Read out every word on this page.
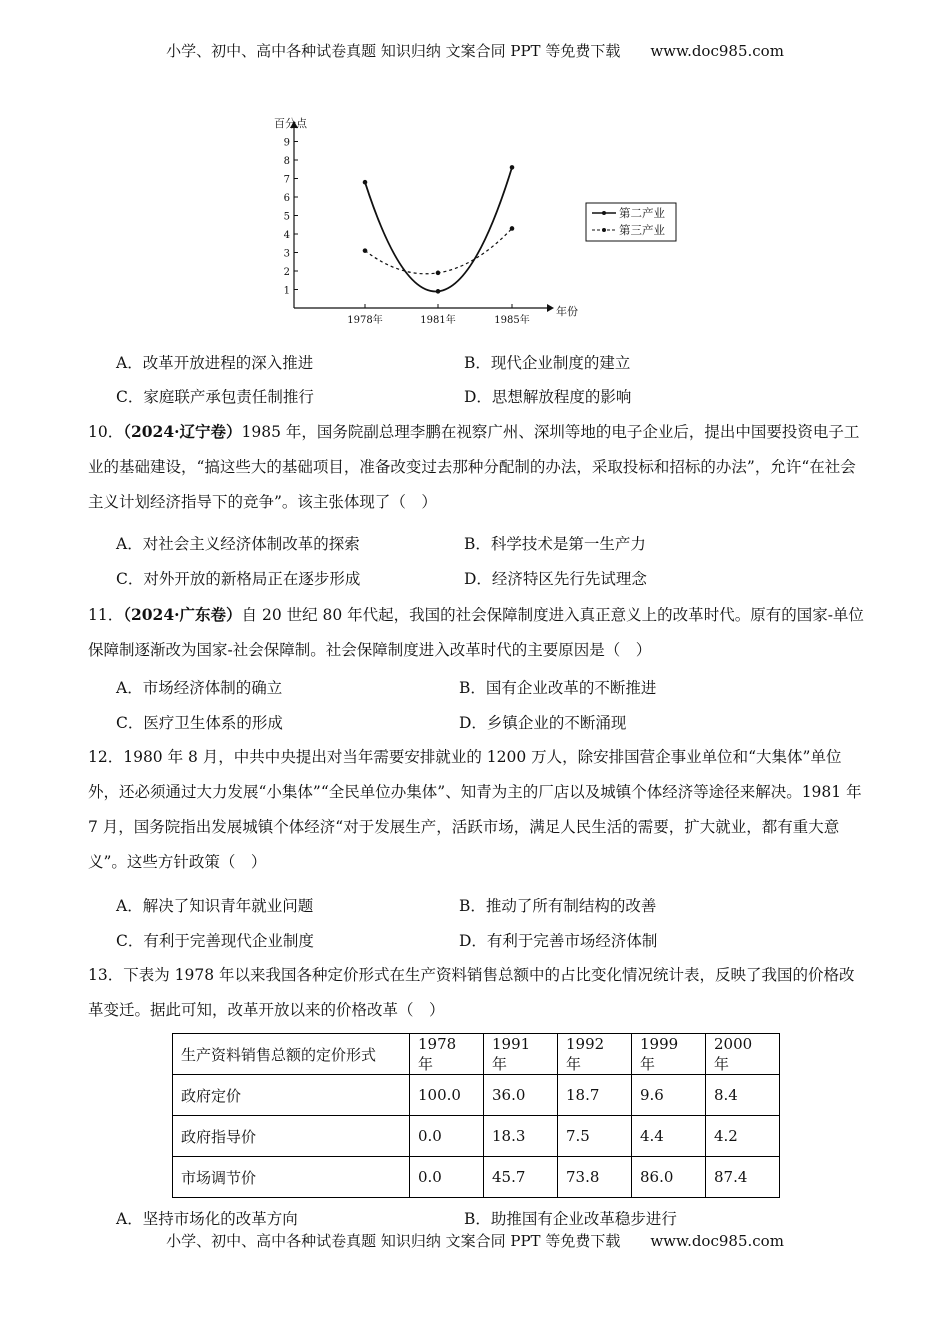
小学、初中、高中各种试卷真题 知识归纳 文案合同 PPT 等免费下载 www.doc985.com
百分点
年份
1
2
3
4
5
6
7
8
9
1978年	1981年	1985年
第二产业
第三产业
A．改革开放进程的深入推进	B．现代企业制度的建立
C．家庭联产承包责任制推行	D．思想解放程度的影响
10．（2024·辽宁卷）1985 年，国务院副总理李鹏在视察广州、深圳等地的电子企业后，提出中国要投资电子工业的基础建设，“搞这些大的基础项目，准备改变过去那种分配制的办法，采取投标和招标的办法”，允许“在社会主义计划经济指导下的竞争”。该主张体现了（　）
A．对社会主义经济体制改革的探索	B．科学技术是第一生产力
C．对外开放的新格局正在逐步形成	D．经济特区先行先试理念
11．（2024·广东卷）自 20 世纪 80 年代起，我国的社会保障制度进入真正意义上的改革时代。原有的国家-单位保障制逐渐改为国家-社会保障制。社会保障制度进入改革时代的主要原因是（　）
A．市场经济体制的确立	B．国有企业改革的不断推进
C．医疗卫生体系的形成	D．乡镇企业的不断涌现
12．1980 年 8 月，中共中央提出对当年需要安排就业的 1200 万人，除安排国营企事业单位和“大集体”单位外，还必须通过大力发展“小集体”“全民单位办集体”、知青为主的厂店以及城镇个体经济等途径来解决。1981 年 7 月，国务院指出发展城镇个体经济“对于发展生产，活跃市场，满足人民生活的需要，扩大就业，都有重大意义”。这些方针政策（　）
A．解决了知识青年就业问题	B．推动了所有制结构的改善
C．有利于完善现代企业制度	D．有利于完善市场经济体制
13．下表为 1978 年以来我国各种定价形式在生产资料销售总额中的占比变化情况统计表，反映了我国的价格改革变迁。据此可知，改革开放以来的价格改革（　）
生产资料销售总额的定价形式	1978 年	1991 年	1992 年	1999 年	2000 年
政府定价	100.0	36.0	18.7	9.6	8.4
政府指导价	0.0	18.3	7.5	4.4	4.2
市场调节价	0.0	45.7	73.8	86.0	87.4
A．坚持市场化的改革方向	B．助推国有企业改革稳步进行
小学、初中、高中各种试卷真题 知识归纳 文案合同 PPT 等免费下载 www.doc985.com
